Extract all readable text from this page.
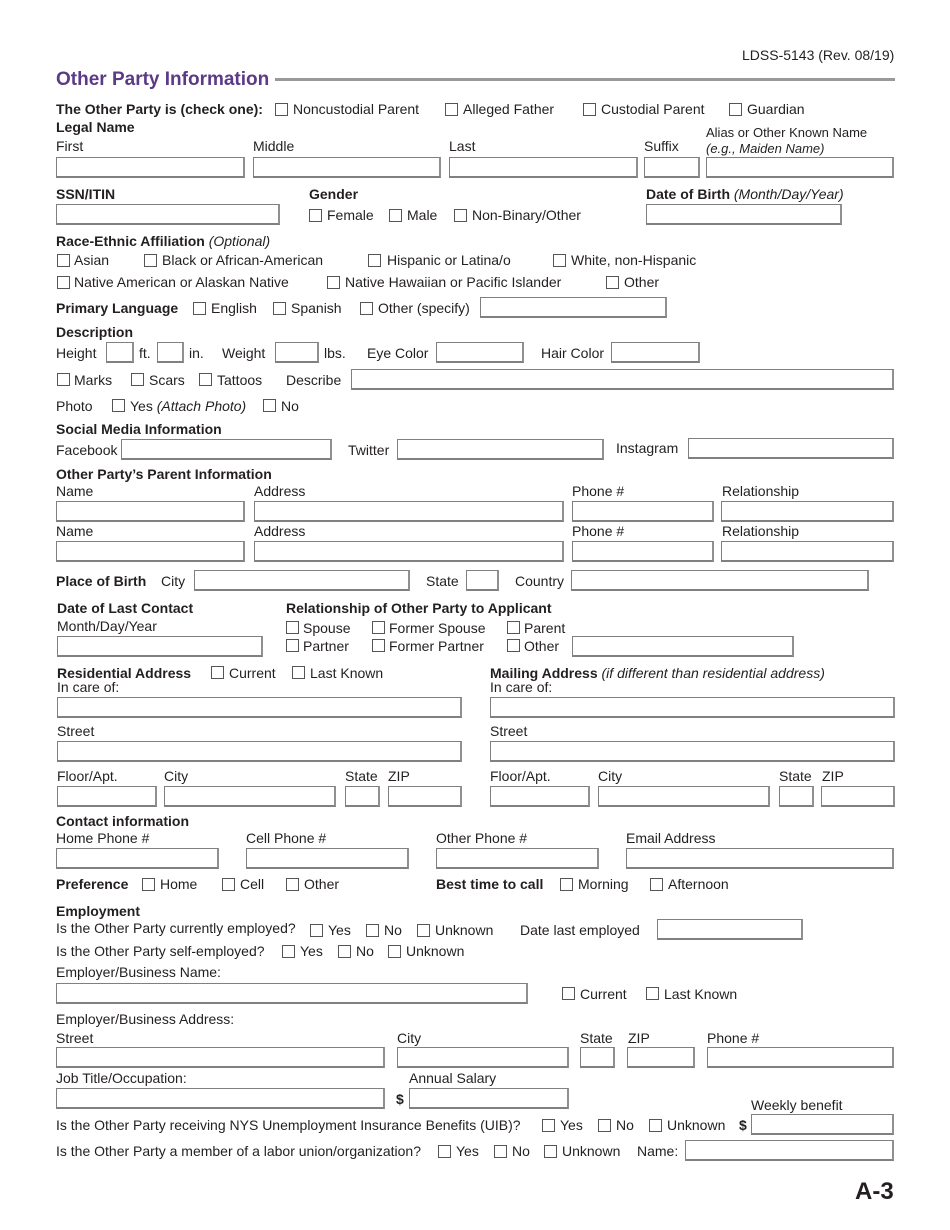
LDSS-5143 (Rev. 08/19)
Other Party Information
The Other Party is (check one): Noncustodial Parent	Alleged Father	Custodial Parent	Guardian
Legal Name
First	Middle	Last	Suffix
Alias or Other Known Name
(e.g., Maiden Name)
SSN/ITIN	Gender
Female Male Non-Binary/Other
Date of Birth (Month/Day/Year)
Race-Ethnic Affiliation (Optional)
Asian	Black or African-American	Hispanic or Latina/o	White, non-Hispanic
Native American or Alaskan Native	Native Hawaiian or Pacific Islander	Other
Primary Language English Spanish	Other (specify)
Description
Height	ft.	in. Weight	lbs. Eye Color	Hair Color
Marks	Scars Tattoos Describe
Photo	Yes (Attach Photo) No
Social Media Information
Facebook	Twitter	Instagram
Other Party’s Parent Information
Name	Address	Phone #	Relationship
Name	Address	Phone #	Relationship
Place of Birth City	State	Country
Date of Last Contact
Month/Day/Year
Relationship of Other Party to Applicant
Spouse	Former Spouse	Parent
Partner	Former Partner	Other
Residential Address	Current Last Known
In care of:
Street
Floor/Apt.	City	State ZIP
Mailing Address (if different than residential address)
In care of:
Street
Floor/Apt.	City	State ZIP
Contact information
Home Phone #	Cell Phone #	Other Phone #	Email Address
Preference Home	Cell	Other	Best time to call Morning	Afternoon
Employment
Is the Other Party currently employed? Yes No Unknown Date last employed
Is the Other Party self-employed?	Yes No Unknown
Employer/Business Name:
Current	Last Known
Employer/Business Address:
Street	City	State ZIP	Phone #
Job Title/Occupation:	Annual Salary
$	Weekly benefit
Is the Other Party receiving NYS Unemployment Insurance Benefits (UIB)?	Yes No Unknown $
Is the Other Party a member of a labor union/organization?	Yes No Unknown Name:
A-3
